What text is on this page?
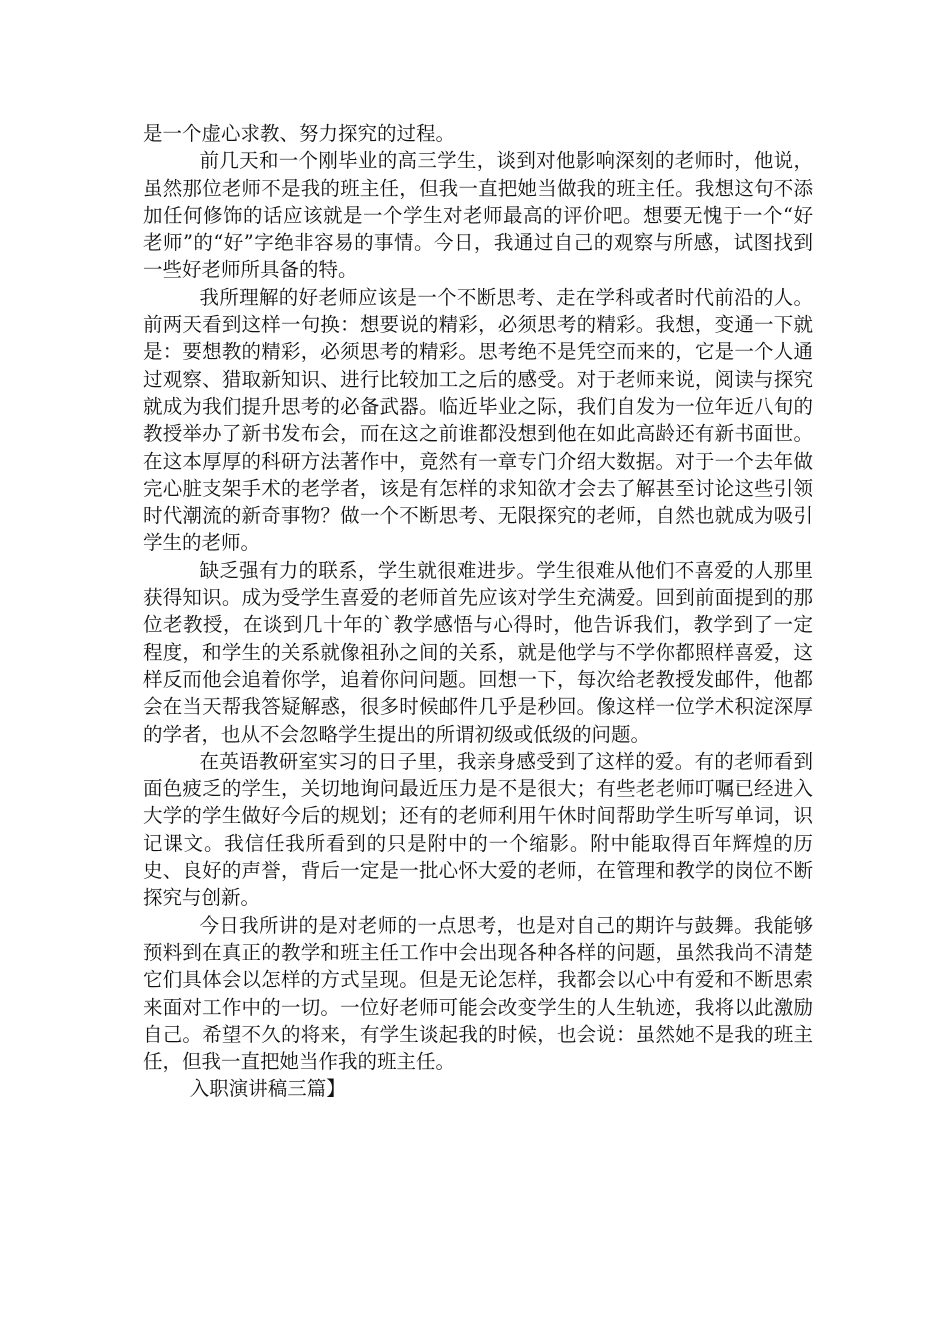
是一个虚心求教、努力探究的过程。

前几天和一个刚毕业的高三学生，谈到对他影响深刻的老师时，他说，虽然那位老师不是我的班主任，但我一直把她当做我的班主任。我想这句不添加任何修饰的话应该就是一个学生对老师最高的评价吧。想要无愧于一个“好老师”的“好”字绝非容易的事情。今日，我通过自己的观察与所感，试图找到一些好老师所具备的特。

我所理解的好老师应该是一个不断思考、走在学科或者时代前沿的人。前两天看到这样一句换：想要说的精彩，必须思考的精彩。我想，变通一下就是：要想教的精彩，必须思考的精彩。思考绝不是凭空而来的，它是一个人通过观察、猎取新知识、进行比较加工之后的感受。对于老师来说，阅读与探究就成为我们提升思考的必备武器。临近毕业之际，我们自发为一位年近八旬的教授举办了新书发布会，而在这之前谁都没想到他在如此高龄还有新书面世。在这本厚厚的科研方法著作中，竟然有一章专门介绍大数据。对于一个去年做完心脏支架手术的老学者，该是有怎样的求知欲才会去了解甚至讨论这些引领时代潮流的新奇事物？做一个不断思考、无限探究的老师，自然也就成为吸引学生的老师。

缺乏强有力的联系，学生就很难进步。学生很难从他们不喜爱的人那里获得知识。成为受学生喜爱的老师首先应该对学生充满爱。回到前面提到的那位老教授，在谈到几十年的`教学感悟与心得时，他告诉我们，教学到了一定程度，和学生的关系就像祖孙之间的关系，就是他学与不学你都照样喜爱，这样反而他会追着你学，追着你问问题。回想一下，每次给老教授发邮件，他都会在当天帮我答疑解惑，很多时候邮件几乎是秒回。像这样一位学术积淀深厚的学者，也从不会忽略学生提出的所谓初级或低级的问题。

在英语教研室实习的日子里，我亲身感受到了这样的爱。有的老师看到面色疲乏的学生，关切地询问最近压力是不是很大；有些老老师叮嘱已经进入大学的学生做好今后的规划；还有的老师利用午休时间帮助学生听写单词，识记课文。我信任我所看到的只是附中的一个缩影。附中能取得百年辉煌的历史、良好的声誉，背后一定是一批心怀大爱的老师，在管理和教学的岗位不断探究与创新。

今日我所讲的是对老师的一点思考，也是对自己的期许与鼓舞。我能够预料到在真正的教学和班主任工作中会出现各种各样的问题，虽然我尚不清楚它们具体会以怎样的方式呈现。但是无论怎样，我都会以心中有爱和不断思索来面对工作中的一切。一位好老师可能会改变学生的人生轨迹，我将以此激励自己。希望不久的将来，有学生谈起我的时候，也会说：虽然她不是我的班主任，但我一直把她当作我的班主任。

入职演讲稿三篇】
